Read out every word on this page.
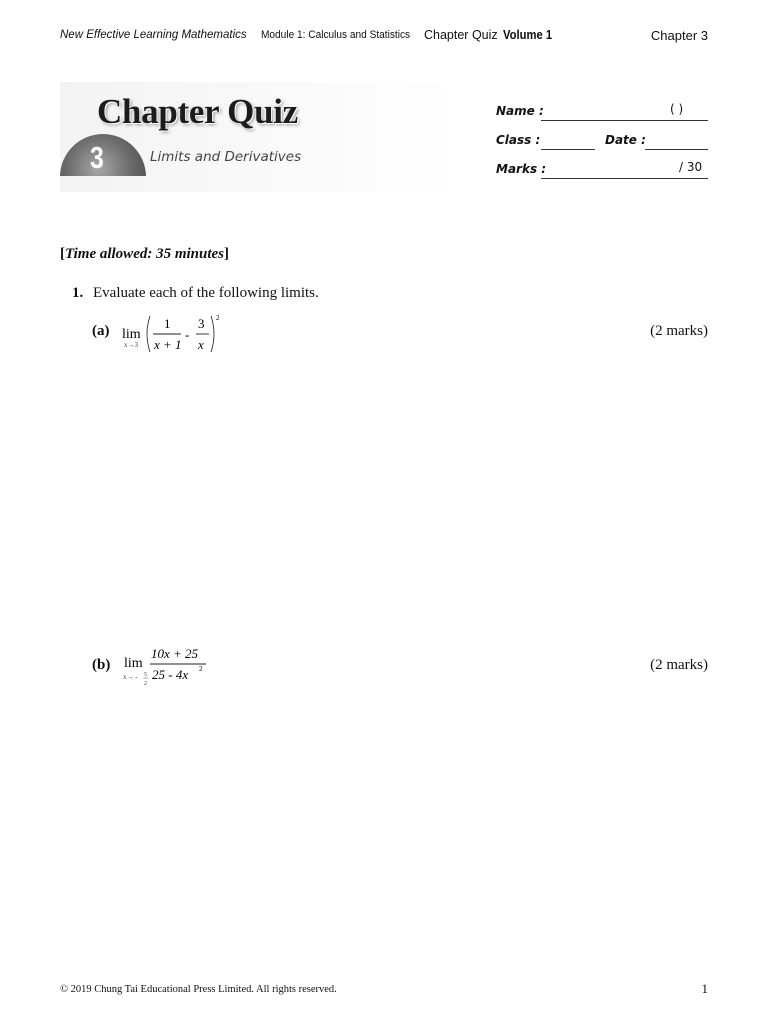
New Effective Learning Mathematics Module 1: Calculus and Statistics Chapter Quiz Volume 1	Chapter 3
Chapter Quiz
3	Limits and Derivatives
Name :	( )
Class :	Date :
Marks :	/ 30
[Time allowed: 35 minutes]
1. Evaluate each of the following limits.
(a) lim
x→3
1
x + 1
-
3
x
2
(2 marks)
(b) lim
x→ - 5
2
10x + 25
25 - 4x 2	(2 marks)
© 2019 Chung Tai Educational Press Limited. All rights reserved.	1
